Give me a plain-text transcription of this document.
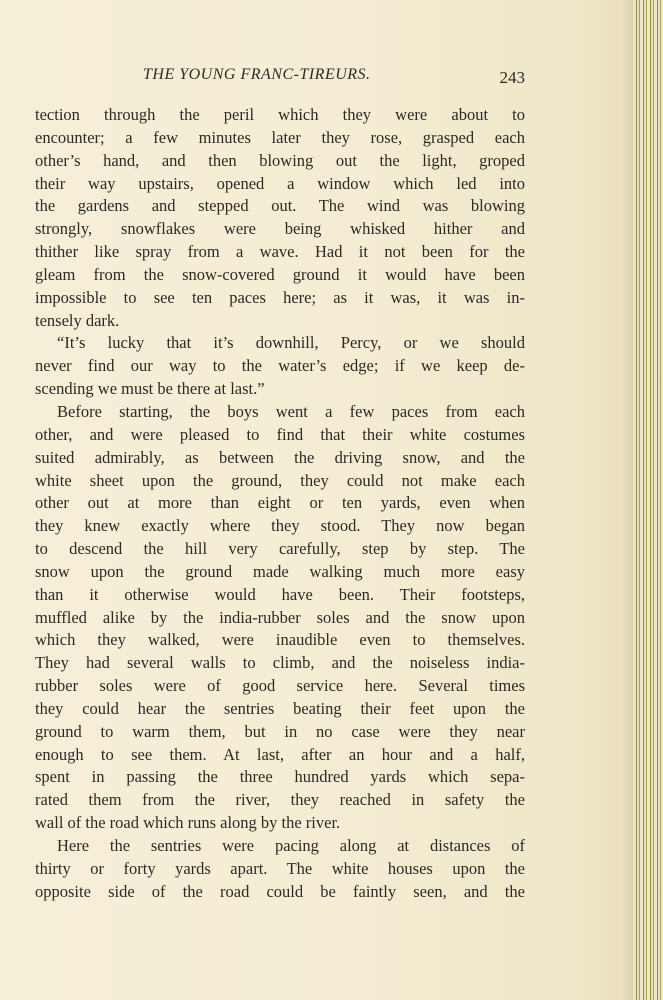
THE YOUNG FRANC-TIREURS.	243
tection through the peril which they were about to
encounter; a few minutes later they rose, grasped each
other’s hand, and then blowing out the light, groped
their way upstairs, opened a window which led into
the gardens and stepped out. The wind was blowing
strongly, snowflakes were being whisked hither and
thither like spray from a wave. Had it not been for the
gleam from the snow-covered ground it would have been
impossible to see ten paces here; as it was, it was in-
tensely dark.
“It’s lucky that it’s downhill, Percy, or we should
never find our way to the water’s edge; if we keep de-
scending we must be there at last.”
Before starting, the boys went a few paces from each
other, and were pleased to find that their white costumes
suited admirably, as between the driving snow, and the
white sheet upon the ground, they could not make each
other out at more than eight or ten yards, even when
they knew exactly where they stood. They now began
to descend the hill very carefully, step by step. The
snow upon the ground made walking much more easy
than it otherwise would have been. Their footsteps,
muffled alike by the india-rubber soles and the snow upon
which they walked, were inaudible even to themselves.
They had several walls to climb, and the noiseless india-
rubber soles were of good service here. Several times
they could hear the sentries beating their feet upon the
ground to warm them, but in no case were they near
enough to see them. At last, after an hour and a half,
spent in passing the three hundred yards which sepa-
rated them from the river, they reached in safety the
wall of the road which runs along by the river.
Here the sentries were pacing along at distances of
thirty or forty yards apart. The white houses upon the
opposite side of the road could be faintly seen, and the
